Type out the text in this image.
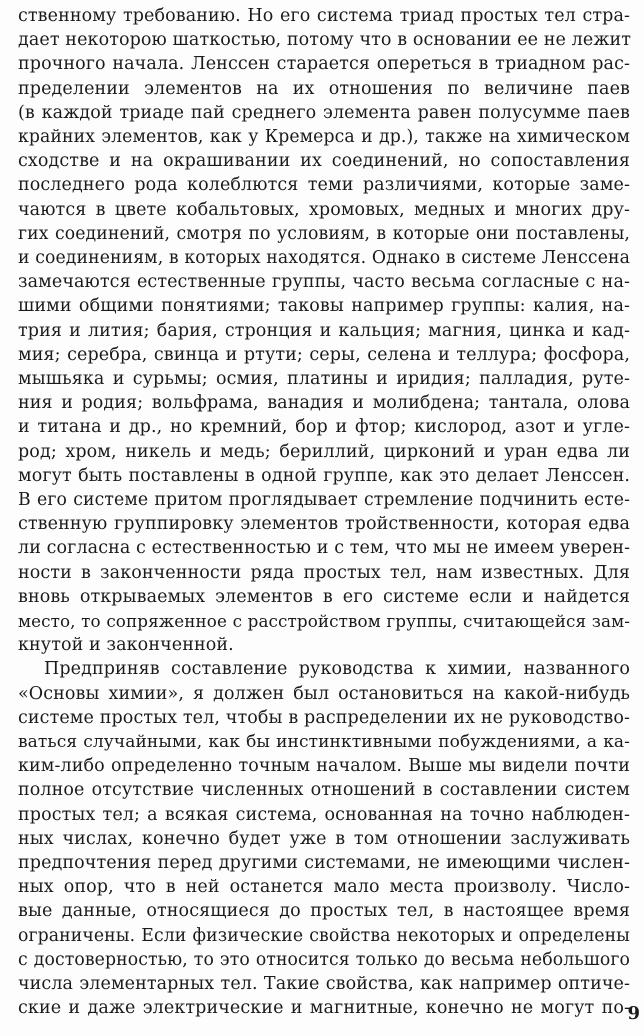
ственному требованию. Но его система триад простых тел стра-
дает некоторою шаткостью, потому что в основании ее не лежит
прочного начала. Ленссен старается опереться в триадном рас-
пределении элементов на их отношения по величине паев
(в каждой триаде пай среднего элемента равен полусумме паев
крайних элементов, как у Кремерса и др.), также на химическом
сходстве и на окрашивании их соединений, но сопоставления
последнего рода колеблются теми различиями, которые заме-
чаются в цвете кобальтовых, хромовых, медных и многих дру-
гих соединений, смотря по условиям, в которые они поставлены,
и соединениям, в которых находятся. Однако в системе Ленссена
замечаются естественные группы, часто весьма согласные с на-
шими общими понятиями; таковы например группы: калия, на-
трия и лития; бария, стронция и кальция; магния, цинка и кад-
мия; серебра, свинца и ртути; серы, селена и теллура; фосфора,
мышьяка и сурьмы; осмия, платины и иридия; палладия, руте-
ния и родия; вольфрама, ванадия и молибдена; тантала, олова
и титана и др., но кремний, бор и фтор; кислород, азот и угле-
род; хром, никель и медь; бериллий, цирконий и уран едва ли
могут быть поставлены в одной группе, как это делает Ленссен.
В его системе притом проглядывает стремление подчинить есте-
ственную группировку элементов тройственности, которая едва
ли согласна с естественностью и с тем, что мы не имеем уверен-
ности в законченности ряда простых тел, нам известных. Для
вновь открываемых элементов в его системе если и найдется
место, то сопряженное с расстройством группы, считающейся зам-
кнутой и законченной.
Предприняв составление руководства к химии, названного
«Основы химии», я должен был остановиться на какой-нибудь
системе простых тел, чтобы в распределении их не руководство-
ваться случайными, как бы инстинктивными побуждениями, а ка-
ким-либо определенно точным началом. Выше мы видели почти
полное отсутствие численных отношений в составлении систем
простых тел; а всякая система, основанная на точно наблюден-
ных числах, конечно будет уже в том отношении заслуживать
предпочтения перед другими системами, не имеющими числен-
ных опор, что в ней останется мало места произволу. Число-
вые данные, относящиеся до простых тел, в настоящее время
ограничены. Если физические свойства некоторых и определены
с достоверностью, то это относится только до весьма небольшого
числа элементарных тел. Такие свойства, как например оптиче-
ские и даже электрические и магнитные, конечно не могут по-
9
